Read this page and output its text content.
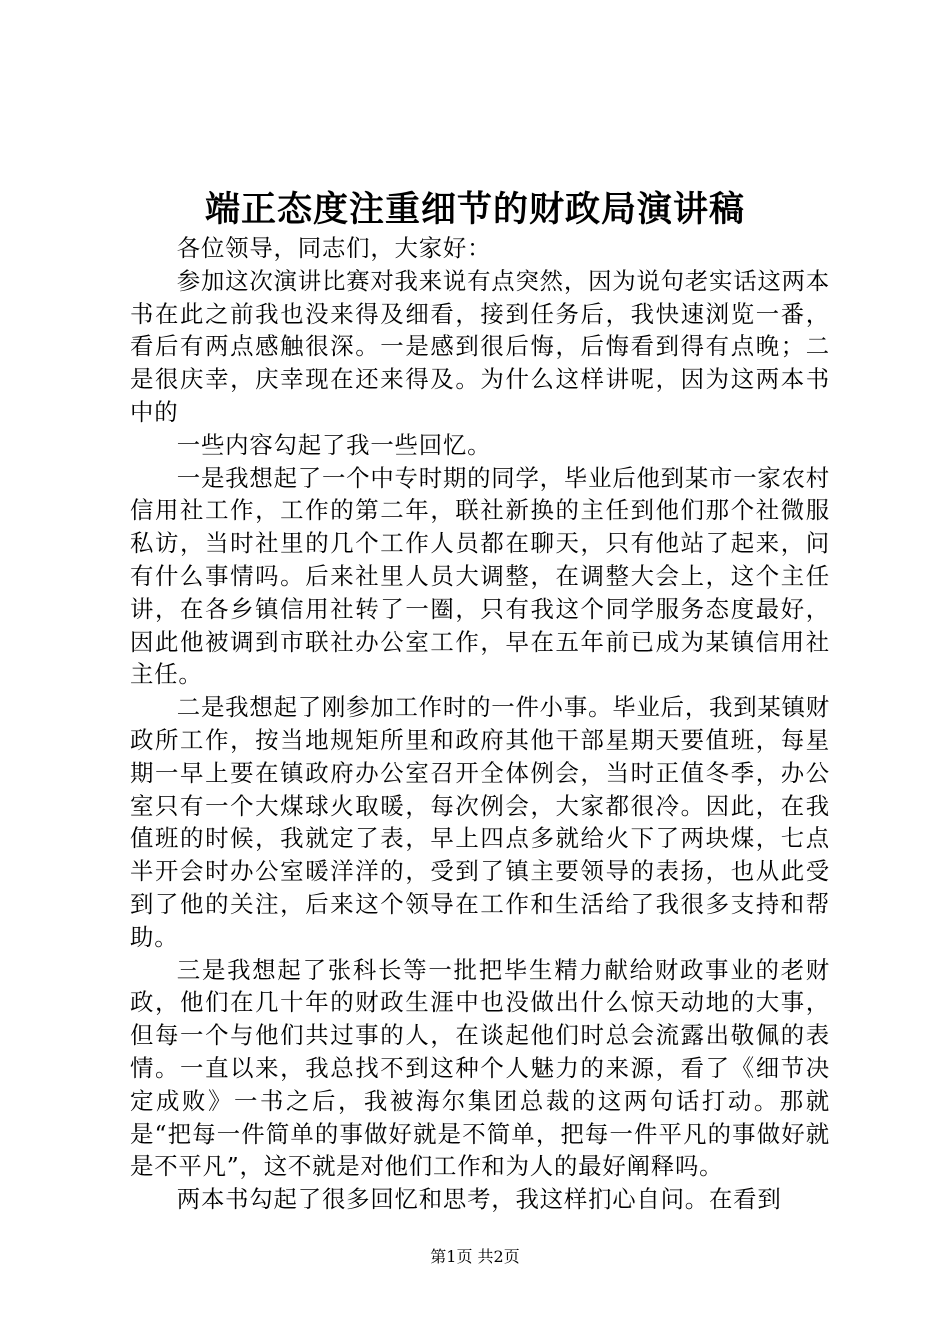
端正态度注重细节的财政局演讲稿

各位领导，同志们，大家好：

参加这次演讲比赛对我来说有点突然，因为说句老实话这两本书在此之前我也没来得及细看，接到任务后，我快速浏览一番，看后有两点感触很深。一是感到很后悔，后悔看到得有点晚；二是很庆幸，庆幸现在还来得及。为什么这样讲呢，因为这两本书中的

一些内容勾起了我一些回忆。

一是我想起了一个中专时期的同学，毕业后他到某市一家农村信用社工作，工作的第二年，联社新换的主任到他们那个社微服私访，当时社里的几个工作人员都在聊天，只有他站了起来，问有什么事情吗。后来社里人员大调整，在调整大会上，这个主任讲，在各乡镇信用社转了一圈，只有我这个同学服务态度最好，因此他被调到市联社办公室工作，早在五年前已成为某镇信用社主任。

二是我想起了刚参加工作时的一件小事。毕业后，我到某镇财政所工作，按当地规矩所里和政府其他干部星期天要值班，每星期一早上要在镇政府办公室召开全体例会，当时正值冬季，办公室只有一个大煤球火取暖，每次例会，大家都很冷。因此，在我值班的时候，我就定了表，早上四点多就给火下了两块煤，七点半开会时办公室暖洋洋的，受到了镇主要领导的表扬，也从此受到了他的关注，后来这个领导在工作和生活给了我很多支持和帮助。

三是我想起了张科长等一批把毕生精力献给财政事业的老财政，他们在几十年的财政生涯中也没做出什么惊天动地的大事，但每一个与他们共过事的人，在谈起他们时总会流露出敬佩的表情。一直以来，我总找不到这种个人魅力的来源，看了《细节决定成败》一书之后，我被海尔集团总裁的这两句话打动。那就是“把每一件简单的事做好就是不简单，把每一件平凡的事做好就是不平凡”，这不就是对他们工作和为人的最好阐释吗。

两本书勾起了很多回忆和思考，我这样扪心自问。在看到

第1页 共2页
